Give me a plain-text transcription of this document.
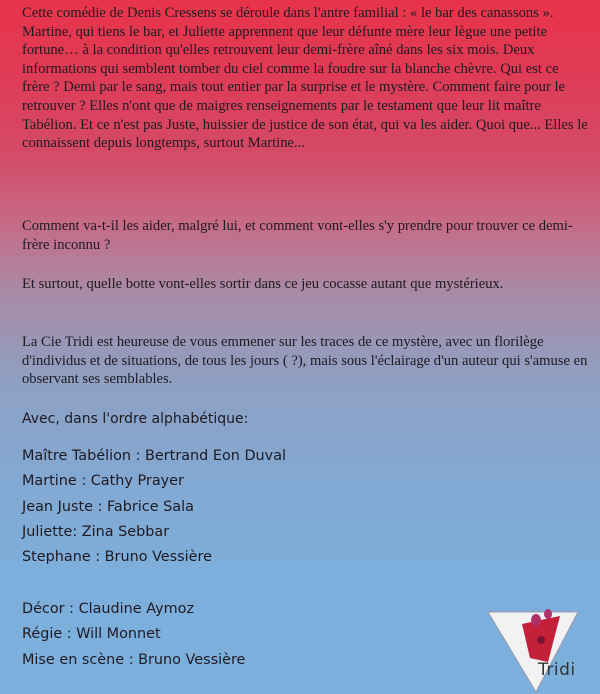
Cette comédie de Denis Cressens se déroule dans l'antre familial : « le bar des canassons ». Martine, qui tiens le bar, et Juliette apprennent que leur défunte mère leur lègue une petite fortune… à la condition qu'elles retrouvent leur demi-frère aîné dans les six mois. Deux informations qui semblent tomber du ciel comme la foudre sur la blanche chèvre. Qui est ce frère ? Demi par le sang, mais tout entier par la surprise et le mystère. Comment faire pour le retrouver ? Elles n'ont que de maigres renseignements par le testament que leur lit maître Tabélion. Et ce n'est pas Juste, huissier de justice de son état, qui va les aider. Quoi que... Elles le connaissent depuis longtemps, surtout Martine...

Comment va-t-il les aider, malgré lui, et comment vont-elles s'y prendre pour trouver ce demi-frère inconnu ?

Et surtout, quelle botte vont-elles sortir dans ce jeu cocasse autant que mystérieux.

La Cie Tridi est heureuse de vous emmener sur les traces de ce mystère, avec un florilège d'individus et de situations, de tous les jours ( ?), mais sous l'éclairage d'un auteur qui s'amuse en observant ses semblables.

Avec, dans l'ordre alphabétique:

Maître Tabélion : Bertrand Eon Duval

Martine : Cathy Prayer

Jean Juste : Fabrice Sala

Juliette: Zina Sebbar

Stephane : Bruno Vessière

Décor : Claudine Aymoz

Régie : Will Monnet

Mise en scène : Bruno Vessière	Tridi
